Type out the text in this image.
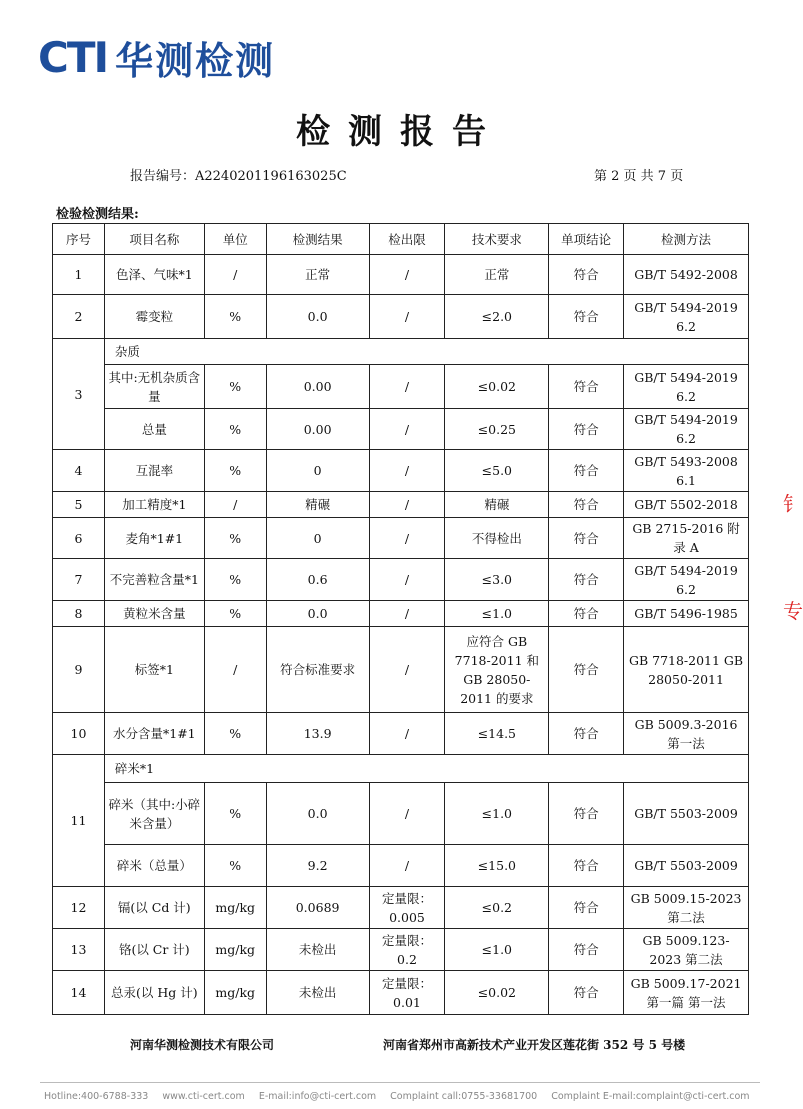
CTI 华测检测
检测报告
报告编号：A2240201196163025C	第 2 页 共 7 页
检验检测结果:
序号	项目名称	单位	检测结果	检出限	技术要求	单项结论	检测方法
1	色泽、气味*1	/	正常	/	正常	符合	GB/T 5492-2008
2	霉变粒	%	0.0	/	≤2.0	符合	GB/T 5494-2019 6.2
3	杂质						
	其中:无机杂质含量	%	0.00	/	≤0.02	符合	GB/T 5494-2019 6.2
	总量	%	0.00	/	≤0.25	符合	GB/T 5494-2019 6.2
4	互混率	%	0	/	≤5.0	符合	GB/T 5493-2008 6.1
5	加工精度*1	/	精碾	/	精碾	符合	GB/T 5502-2018
6	麦角*1#1	%	0	/	不得检出	符合	GB 2715-2016 附录 A
7	不完善粒含量*1	%	0.6	/	≤3.0	符合	GB/T 5494-2019 6.2
8	黄粒米含量	%	0.0	/	≤1.0	符合	GB/T 5496-1985
9	标签*1	/	符合标准要求	/	应符合 GB 7718-2011 和 GB 28050-2011 的要求	符合	GB 7718-2011 GB 28050-2011
10	水分含量*1#1	%	13.9	/	≤14.5	符合	GB 5009.3-2016 第一法
11	碎米*1						
	碎米（其中:小碎米含量）	%	0.0	/	≤1.0	符合	GB/T 5503-2009
	碎米（总量）	%	9.2	/	≤15.0	符合	GB/T 5503-2009
12	镉(以 Cd 计)	mg/kg	0.0689	定量限：0.005	≤0.2	符合	GB 5009.15-2023 第二法
13	铬(以 Cr 计)	mg/kg	未检出	定量限：0.2	≤1.0	符合	GB 5009.123-2023 第二法
14	总汞(以 Hg 计)	mg/kg	未检出	定量限：0.01	≤0.02	符合	GB 5009.17-2021 第一篇 第一法
河南华测检测技术有限公司	河南省郑州市高新技术产业开发区莲花街 352 号 5 号楼
Hotline:400-6788-333 www.cti-cert.com E-mail:info@cti-cert.com Complaint call:0755-33681700 Complaint E-mail:complaint@cti-cert.com
钅
专
